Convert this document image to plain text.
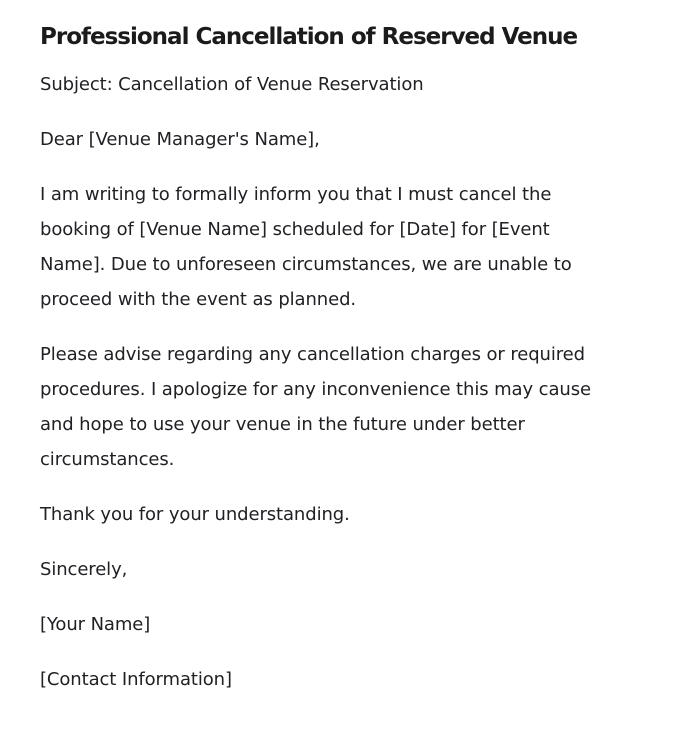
Professional Cancellation of Reserved Venue

Subject: Cancellation of Venue Reservation

Dear [Venue Manager's Name],

I am writing to formally inform you that I must cancel the
booking of [Venue Name] scheduled for [Date] for [Event
Name]. Due to unforeseen circumstances, we are unable to
proceed with the event as planned.

Please advise regarding any cancellation charges or required
procedures. I apologize for any inconvenience this may cause
and hope to use your venue in the future under better
circumstances.

Thank you for your understanding.

Sincerely,

[Your Name]

[Contact Information]
